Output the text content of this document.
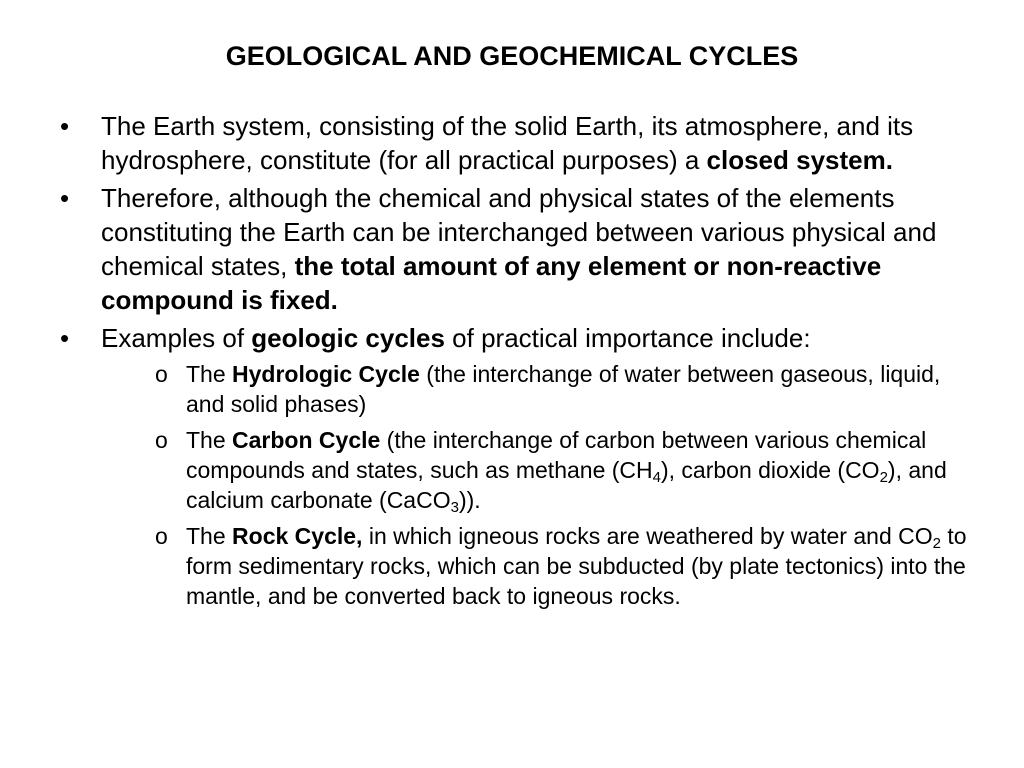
GEOLOGICAL AND GEOCHEMICAL CYCLES
•	The Earth system, consisting of the solid Earth, its atmosphere, and its hydrosphere, constitute (for all practical purposes) a closed system.
•	Therefore, although the chemical and physical states of the elements constituting the Earth can be interchanged between various physical and chemical states, the total amount of any element or non-reactive compound is fixed.
•	Examples of geologic cycles of practical importance include:
o The Hydrologic Cycle (the interchange of water between gaseous, liquid, and solid phases)
o The Carbon Cycle (the interchange of carbon between various chemical compounds and states, such as methane $(CH_4)$, carbon dioxide $(CO_2)$, and calcium carbonate (CaCO$_3$)).
o The Rock Cycle, in which igneous rocks are weathered by water and $CO_2$ to form sedimentary rocks, which can be subducted (by plate tectonics) into the mantle, and be converted back to igneous rocks.
